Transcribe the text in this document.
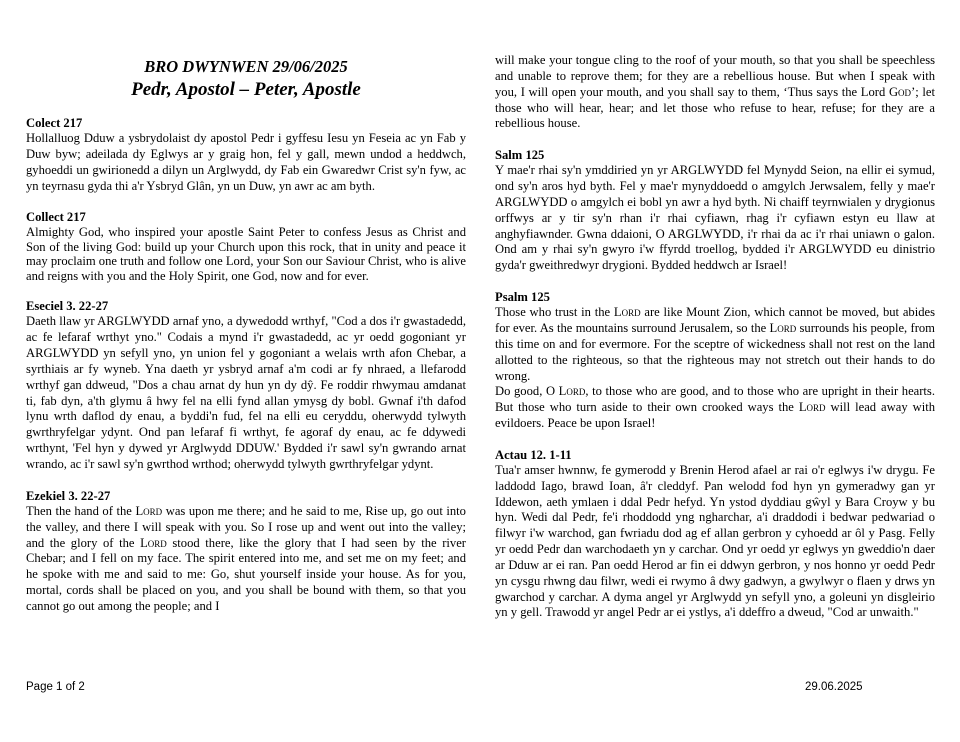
BRO DWYNWEN 29/06/2025
Pedr, Apostol – Peter, Apostle
Colect 217

Hollalluog Dduw a ysbrydolaist dy apostol Pedr i gyffesu Iesu yn Feseia ac yn Fab y Duw byw; adeilada dy Eglwys ar y graig hon, fel y gall, mewn undod a heddwch, gyhoeddi un gwirionedd a dilyn un Arglwydd, dy Fab ein Gwaredwr Crist sy'n fyw, ac yn teyrnasu gyda thi a'r Ysbryd Glân, yn un Duw, yn awr ac am byth.

Collect 217

Almighty God, who inspired your apostle Saint Peter to confess Jesus as Christ and Son of the living God: build up your Church upon this rock, that in unity and peace it may proclaim one truth and follow one Lord, your Son our Saviour Christ, who is alive and reigns with you and the Holy Spirit, one God, now and for ever.

Eseciel 3. 22-27

Daeth llaw yr ARGLWYDD arnaf yno, a dywedodd wrthyf, "Cod a dos i'r gwastadedd, ac fe lefaraf wrthyt yno." Codais a mynd i'r gwastadedd, ac yr oedd gogoniant yr ARGLWYDD yn sefyll yno, yn union fel y gogoniant a welais wrth afon Chebar, a syrthiais ar fy wyneb. Yna daeth yr ysbryd arnaf a'm codi ar fy nhraed, a llefarodd wrthyf gan ddweud, "Dos a chau arnat dy hun yn dy dŷ. Fe roddir rhwymau amdanat ti, fab dyn, a'th glymu â hwy fel na elli fynd allan ymysg dy bobl. Gwnaf i'th dafod lynu wrth daflod dy enau, a byddi'n fud, fel na elli eu ceryddu, oherwydd tylwyth gwrthryfelgar ydynt. Ond pan lefaraf fi wrthyt, fe agoraf dy enau, ac fe ddywedi wrthynt, 'Fel hyn y dywed yr Arglwydd DDUW.' Bydded i'r sawl sy'n gwrando arnat wrando, ac i'r sawl sy'n gwrthod wrthod; oherwydd tylwyth gwrthryfelgar ydynt.

Ezekiel 3. 22-27

Then the hand of the Lord was upon me there; and he said to me, Rise up, go out into the valley, and there I will speak with you. So I rose up and went out into the valley; and the glory of the Lord stood there, like the glory that I had seen by the river Chebar; and I fell on my face. The spirit entered into me, and set me on my feet; and he spoke with me and said to me: Go, shut yourself inside your house. As for you, mortal, cords shall be placed on you, and you shall be bound with them, so that you cannot go out among the people; and I

will make your tongue cling to the roof of your mouth, so that you shall be speechless and unable to reprove them; for they are a rebellious house. But when I speak with you, I will open your mouth, and you shall say to them, ‘Thus says the Lord God’; let those who will hear, hear; and let those who refuse to hear, refuse; for they are a rebellious house.

Salm 125

Y mae'r rhai sy'n ymddiried yn yr ARGLWYDD fel Mynydd Seion, na ellir ei symud, ond sy'n aros hyd byth. Fel y mae'r mynyddoedd o amgylch Jerwsalem, felly y mae'r ARGLWYDD o amgylch ei bobl yn awr a hyd byth. Ni chaiff teyrnwialen y drygionus orffwys ar y tir sy'n rhan i'r rhai cyfiawn, rhag i'r cyfiawn estyn eu llaw at anghyfiawnder. Gwna ddaioni, O ARGLWYDD, i'r rhai da ac i'r rhai uniawn o galon. Ond am y rhai sy'n gwyro i'w ffyrdd troellog, bydded i'r ARGLWYDD eu dinistrio gyda'r gweithredwyr drygioni. Bydded heddwch ar Israel!

Psalm 125

Those who trust in the Lord are like Mount Zion, which cannot be moved, but abides for ever. As the mountains surround Jerusalem, so the Lord surrounds his people, from this time on and for evermore. For the sceptre of wickedness shall not rest on the land allotted to the righteous, so that the righteous may not stretch out their hands to do wrong.

Do good, O Lord, to those who are good, and to those who are upright in their hearts. But those who turn aside to their own crooked ways the Lord will lead away with evildoers. Peace be upon Israel!

Actau 12. 1-11

Tua'r amser hwnnw, fe gymerodd y Brenin Herod afael ar rai o'r eglwys i'w drygu. Fe laddodd Iago, brawd Ioan, â'r cleddyf. Pan welodd fod hyn yn gymeradwy gan yr Iddewon, aeth ymlaen i ddal Pedr hefyd. Yn ystod dyddiau gŵyl y Bara Croyw y bu hyn. Wedi dal Pedr, fe'i rhoddodd yng ngharchar, a'i draddodi i bedwar pedwariad o filwyr i'w warchod, gan fwriadu dod ag ef allan gerbron y cyhoedd ar ôl y Pasg. Felly yr oedd Pedr dan warchodaeth yn y carchar. Ond yr oedd yr eglwys yn gweddio'n daer ar Dduw ar ei ran. Pan oedd Herod ar fin ei ddwyn gerbron, y nos honno yr oedd Pedr yn cysgu rhwng dau filwr, wedi ei rwymo â dwy gadwyn, a gwylwyr o flaen y drws yn gwarchod y carchar. A dyma angel yr Arglwydd yn sefyll yno, a goleuni yn disgleirio yn y gell. Trawodd yr angel Pedr ar ei ystlys, a'i ddeffro a dweud, "Cod ar unwaith."

Page 1 of 2	29.06.2025
